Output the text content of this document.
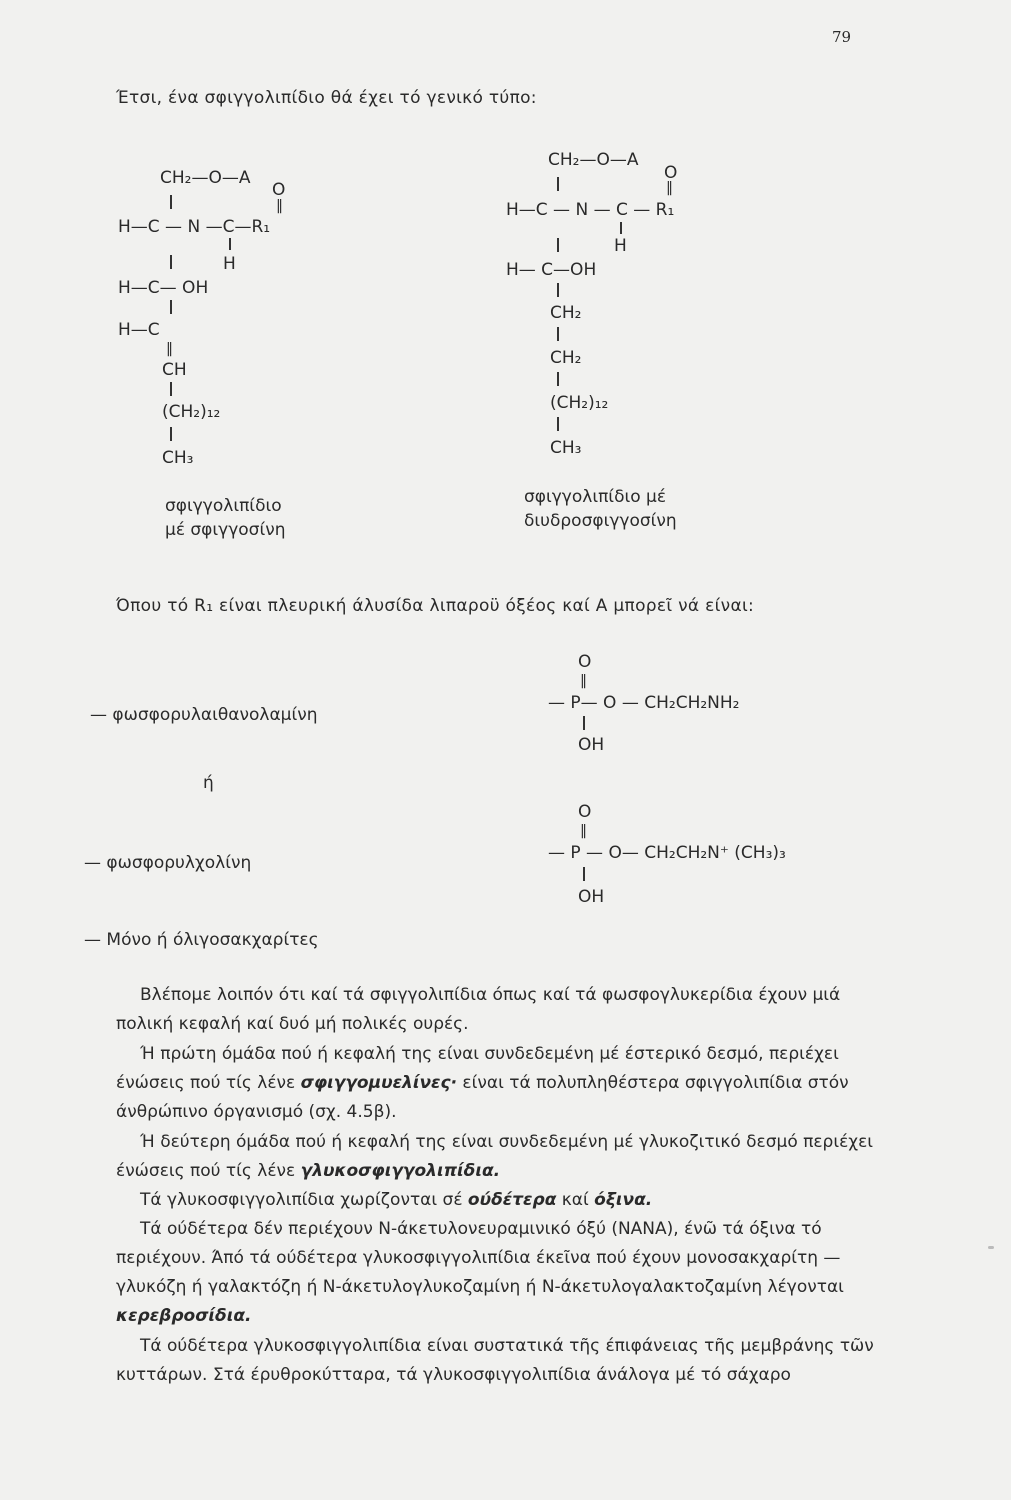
79
Έτσι, ένα σφιγγολιπίδιο θά έχει τό γενικό τύπο:
CH₂—O—A
O
‖
H—C — N —C—R₁
H
H—C— OH
H—C
‖
CH
(CH₂)₁₂
CH₃
σφιγγολιπίδιο
μέ σφιγγοσίνη
CH₂—O—A
O
‖
H—C — N — C — R₁
H
H— C—OH
CH₂
CH₂
(CH₂)₁₂
CH₃
σφιγγολιπίδιο μέ
διυδροσφιγγοσίνη
Όπου τό R₁ είναι πλευρική άλυσίδα λιπαροϋ όξέος καί Α μπορεῖ νά είναι:
— φωσφορυλαιθανολαμίνη
O
‖
— P— O — CH₂CH₂NH₂
OH
ή
— φωσφορυλχολίνη
O
‖
— P — O— CH₂CH₂N⁺ (CH₃)₃
OH
— Μόνο ή όλιγοσακχαρίτες
Βλέπομε λοιπόν ότι καί τά σφιγγολιπίδια όπως καί τά φωσφογλυκερίδια έχουν μιά πολική κεφαλή καί δυό μή πολικές ουρές.
Ή πρώτη όμάδα πού ή κεφαλή της είναι συνδεδεμένη μέ έστερικό δεσμό, περιέχει ένώσεις πού τίς λένε σφιγγομυελίνες· είναι τά πολυπληθέστερα σφιγγολιπίδια στόν άνθρώπινο όργανισμό (σχ. 4.5β).
Ή δεύτερη όμάδα πού ή κεφαλή της είναι συνδεδεμένη μέ γλυκοζιτικό δεσμό περιέχει ένώσεις πού τίς λένε γλυκοσφιγγολιπίδια.
Τά γλυκοσφιγγολιπίδια χωρίζονται σέ ούδέτερα καί όξινα.
Τά ούδέτερα δέν περιέχουν Ν-άκετυλονευραμινικό όξύ (NANA), ένῶ τά όξινα τό περιέχουν. Άπό τά ούδέτερα γλυκοσφιγγολιπίδια έκεῖνα πού έχουν μονοσακχαρίτη — γλυκόζη ή γαλακτόζη ή Ν-άκετυλογλυκοζαμίνη ή Ν-άκετυλογαλακτοζαμίνη λέγονται κερεβροσίδια.
Τά ούδέτερα γλυκοσφιγγολιπίδια είναι συστατικά τῆς έπιφάνειας τῆς μεμβράνης τῶν κυττάρων. Στά έρυθροκύτταρα, τά γλυκοσφιγγολιπίδια άνάλογα μέ τό σάχαρο
